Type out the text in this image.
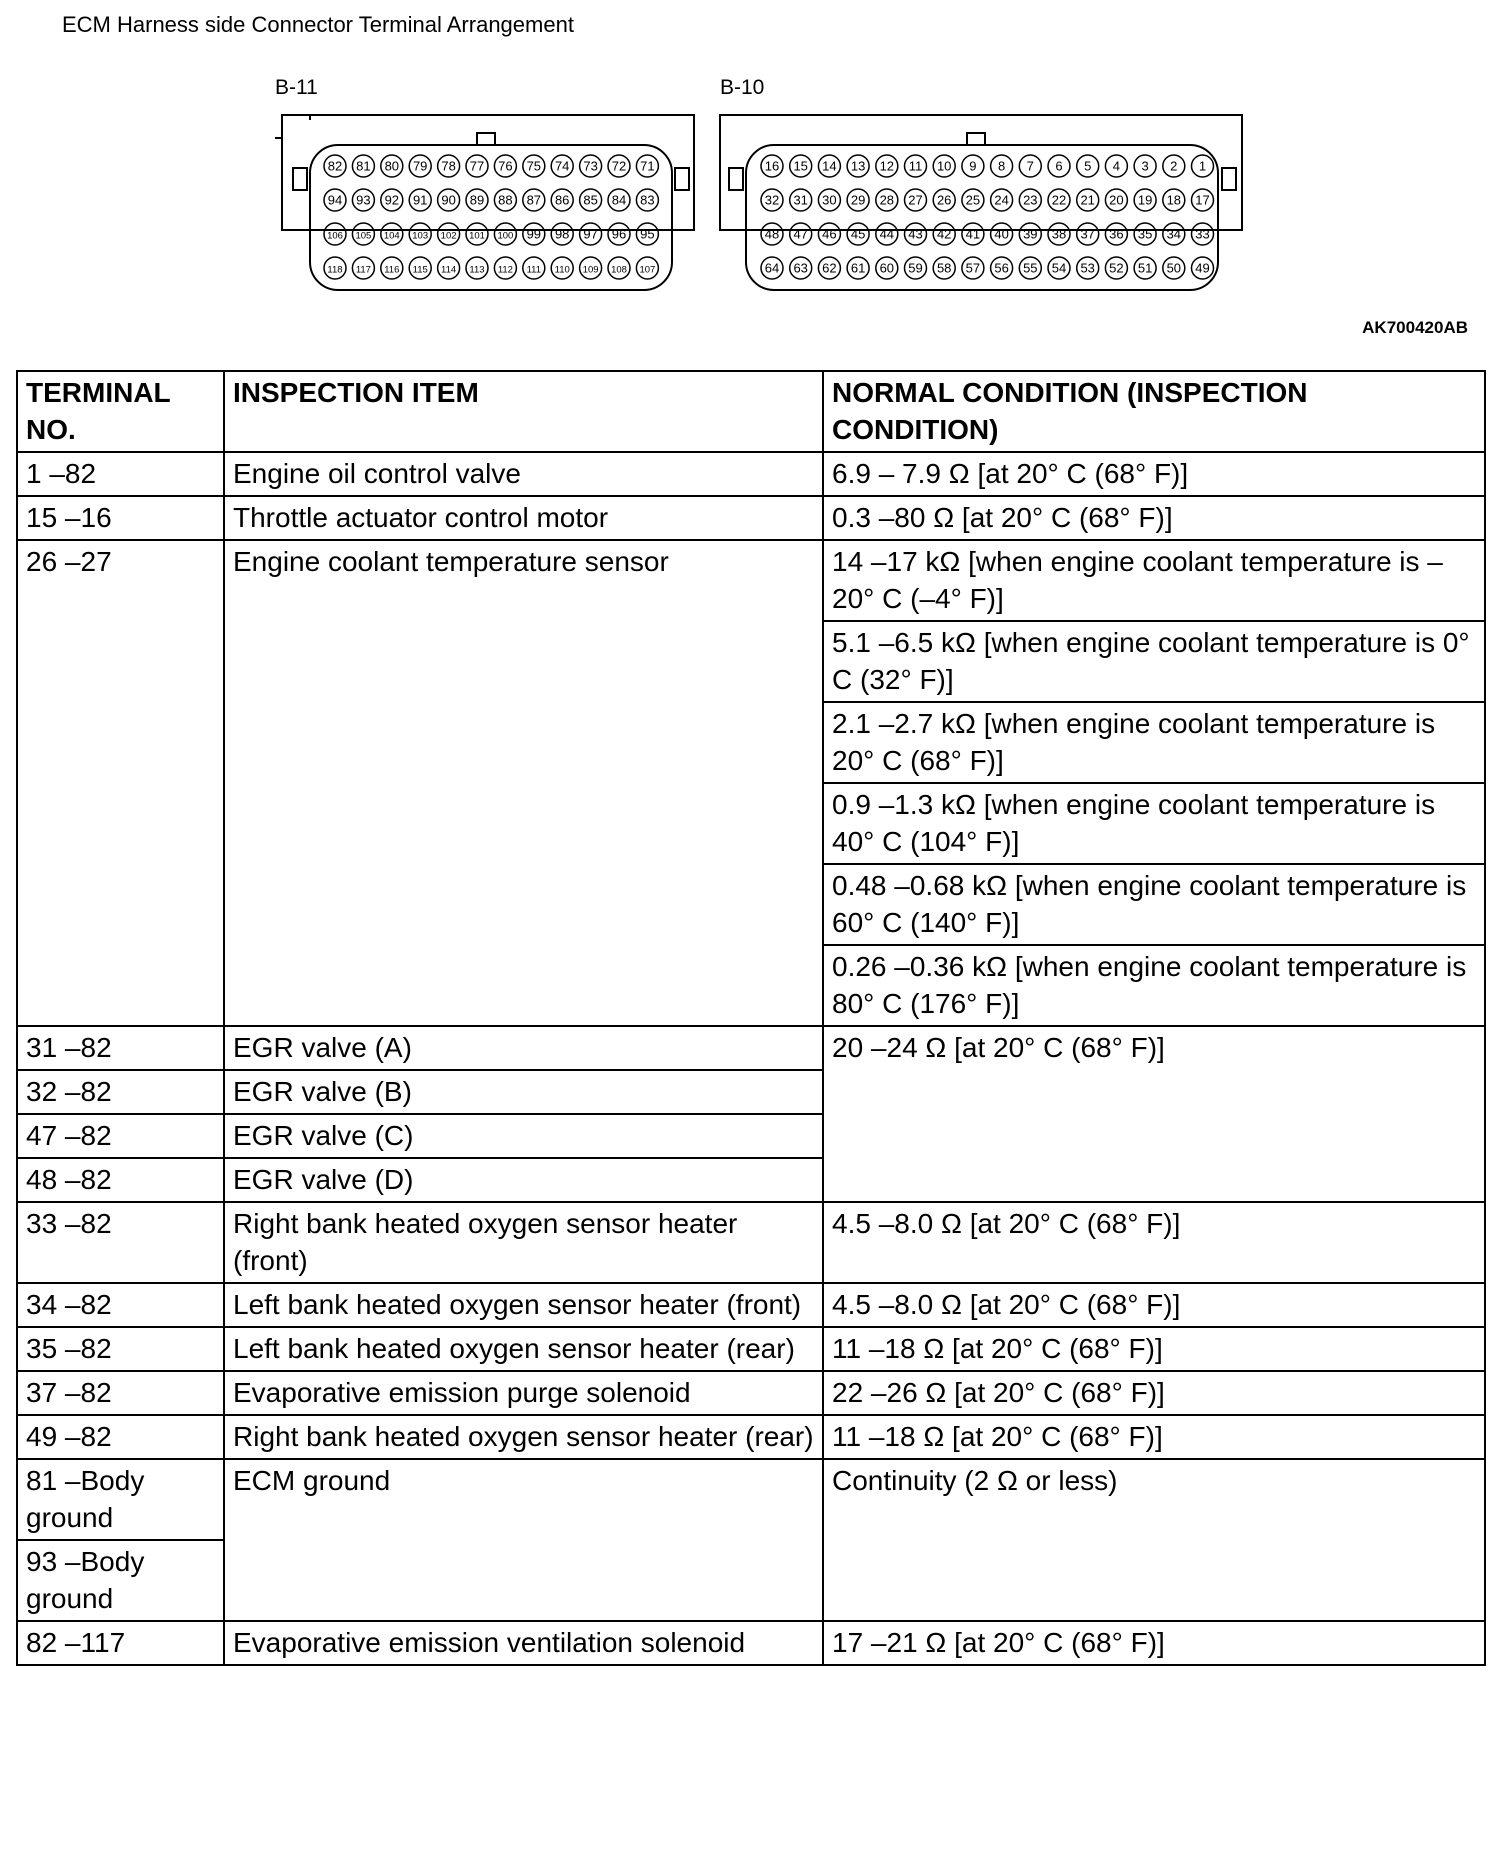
ECM Harness side Connector Terminal Arrangement
B-11	B-10
82 81 80 79 78 77 76 75 74 73 72 71
94 93 92 91 90 89 88 87 86 85 84 83
106 105 104 103 102 101 100 99 98 97 96 95
118 117 116 115 114 113 112 111 110 109 108 107
16 15 14 13 12 11 10 9 8 7 6 5 4 3 2 1
32 31 30 29 28 27 26 25 24 23 22 21 20 19 18 17
48 47 46 45 44 43 42 41 40 39 38 37 36 35 34 33
64 63 62 61 60 59 58 57 56 55 54 53 52 51 50 49
AK700420AB
TERMINAL NO.	INSPECTION ITEM	NORMAL CONDITION (INSPECTION CONDITION)
1 –82	Engine oil control valve	6.9 – 7.9 Ω [at 20° C (68° F)]
15 –16	Throttle actuator control motor	0.3 –80 Ω [at 20° C (68° F)]
26 –27	Engine coolant temperature sensor	14 –17 kΩ [when engine coolant temperature is –20° C (–4° F)]
		5.1 –6.5 kΩ [when engine coolant temperature is 0° C (32° F)]
		2.1 –2.7 kΩ [when engine coolant temperature is 20° C (68° F)]
		0.9 –1.3 kΩ [when engine coolant temperature is 40° C (104° F)]
		0.48 –0.68 kΩ [when engine coolant temperature is 60° C (140° F)]
		0.26 –0.36 kΩ [when engine coolant temperature is 80° C (176° F)]
31 –82	EGR valve (A)	20 –24 Ω [at 20° C (68° F)]
32 –82	EGR valve (B)	
47 –82	EGR valve (C)	
48 –82	EGR valve (D)	
33 –82	Right bank heated oxygen sensor heater (front)	4.5 –8.0 Ω [at 20° C (68° F)]
34 –82	Left bank heated oxygen sensor heater (front)	4.5 –8.0 Ω [at 20° C (68° F)]
35 –82	Left bank heated oxygen sensor heater (rear)	11 –18 Ω [at 20° C (68° F)]
37 –82	Evaporative emission purge solenoid	22 –26 Ω [at 20° C (68° F)]
49 –82	Right bank heated oxygen sensor heater (rear)	11 –18 Ω [at 20° C (68° F)]
81 –Body ground	ECM ground	Continuity (2 Ω or less)
93 –Body ground		
82 –117	Evaporative emission ventilation solenoid	17 –21 Ω [at 20° C (68° F)]
